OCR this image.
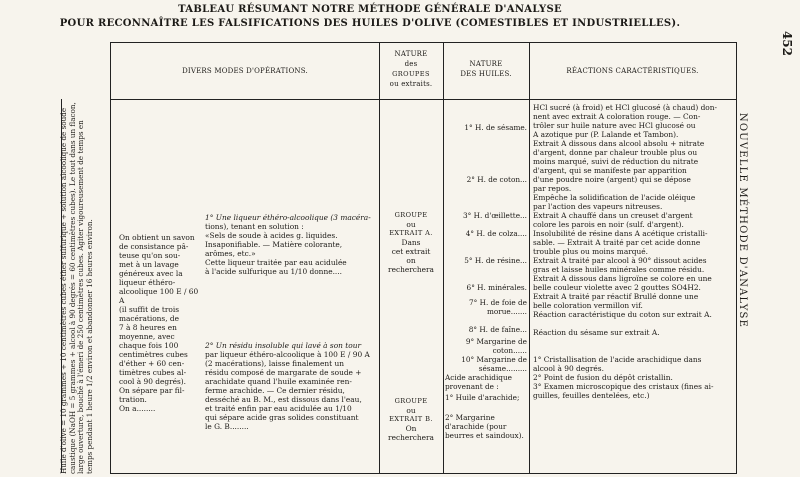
TABLEAU RÉSUMANT NOTRE MÉTHODE GÉNÉRALE D'ANALYSE
POUR RECONNAÎTRE LES FALSIFICATIONS DES HUILES D'OLIVE (COMESTIBLES ET INDUSTRIELLES).
452
NOUVELLE MÉTHODE D'ANALYSE
Huile d'olive = 10 grammes + 10 centimètres cubes éther sulfurique + solution alcoolique de soude caustique (NaOH = 5 grammes + alcool à 90 degrés = 60 centimètres cubes). Le tout dans un flacon, large ouverture, bouché à l'émeri de 250 centimètres cubes. Agiter vigoureusement de temps en temps pendant 1 heure 1/2 environ et abandonner 16 heures environ.
DIVERS MODES D'OPÉRATIONS.
NATURE
des
GROUPES
ou extraits.
NATURE
DES HUILES.	RÉACTIONS CARACTÉRISTIQUES.
On obtient un savon
de consistance pâ-
teuse qu'on sou-
met à un lavage
généreux avec la
liqueur éthéro-
alcoolique 100 E / 60 A
(il suffit de trois
macérations, de
7 à 8 heures en
moyenne, avec
chaque fois 100
centimètres cubes
d'éther + 60 cen-
timètres cubes al-
cool à 90 degrés).
On sépare par fil-
tration.
On a........
1° Une liqueur éthéro-alcoolique (3 macéra-
tions), tenant en solution :
«Sels de soude à acides g. liquides.
Insaponifiable. — Matière colorante,
arômes, etc.»
Cette liqueur traitée par eau acidulée
à l'acide sulfurique au 1/10 donne....
2° Un résidu insoluble qui lavé à son tour
par liqueur éthéro-alcoolique à 100 E / 90 A
(2 macérations), laisse finalement un
résidu composé de margarate de soude +
arachidate quand l'huile examinée ren-
ferme arachide. — Ce dernier résidu,
desséché au B. M., est dissous dans l'eau,
et traité enfin par eau acidulée au 1/10
qui sépare acide gras solides constituant
le G. B........
GROUPE
ou
EXTRAIT A.
Dans
cet extrait
on
recherchera
GROUPE
ou
EXTRAIT B.
On
recherchera
1° H. de sésame.
2° H. de coton...
3° H. d'œillette...
4° H. de colza....
5° H. de résine...
6° H. minérales.
7° H. de foie de morue.......
8° H. de faîne...
9° Margarine de coton......
10° Margarine de sésame.........
Acide arachidique provenant de :
1° Huile d'arachide;
2° Margarine d'arachide (pour beurres et saindoux).
HCl sucré (à froid) et HCl glucosé (à chaud) don-
nent avec extrait A coloration rouge. — Con-
trôler sur huile nature avec HCl glucosé ou
A azotique pur (P. Lalande et Tambon).
Extrait A dissous dans alcool absolu + nitrate
d'argent, donne par chaleur trouble plus ou
moins marqué, suivi de réduction du nitrate
d'argent, qui se manifeste par apparition
d'une poudre noire (argent) qui se dépose
par repos.
Empêche la solidification de l'acide oléique
par l'action des vapeurs nitreuses.
Extrait A chauffé dans un creuset d'argent
colore les parois en noir (sulf. d'argent).
Insolubilité de résine dans A acétique cristalli-
sable. — Extrait A traité par cet acide donne
trouble plus ou moins marqué.
Extrait A traité par alcool à 90° dissout acides
gras et laisse huiles minérales comme résidu.
Extrait A dissous dans ligroïne se colore en une
belle couleur violette avec 2 gouttes SO4H2.
Extrait A traité par réactif Brullé donne une
belle coloration vermillon vif.
Réaction caractéristique du coton sur extrait A.
Réaction du sésame sur extrait A.
1° Cristallisation de l'acide arachidique dans
alcool à 90 degrés.
2° Point de fusion du dépôt cristallin.
3° Examen microscopique des cristaux (fines ai-
guilles, feuilles dentelées, etc.)
